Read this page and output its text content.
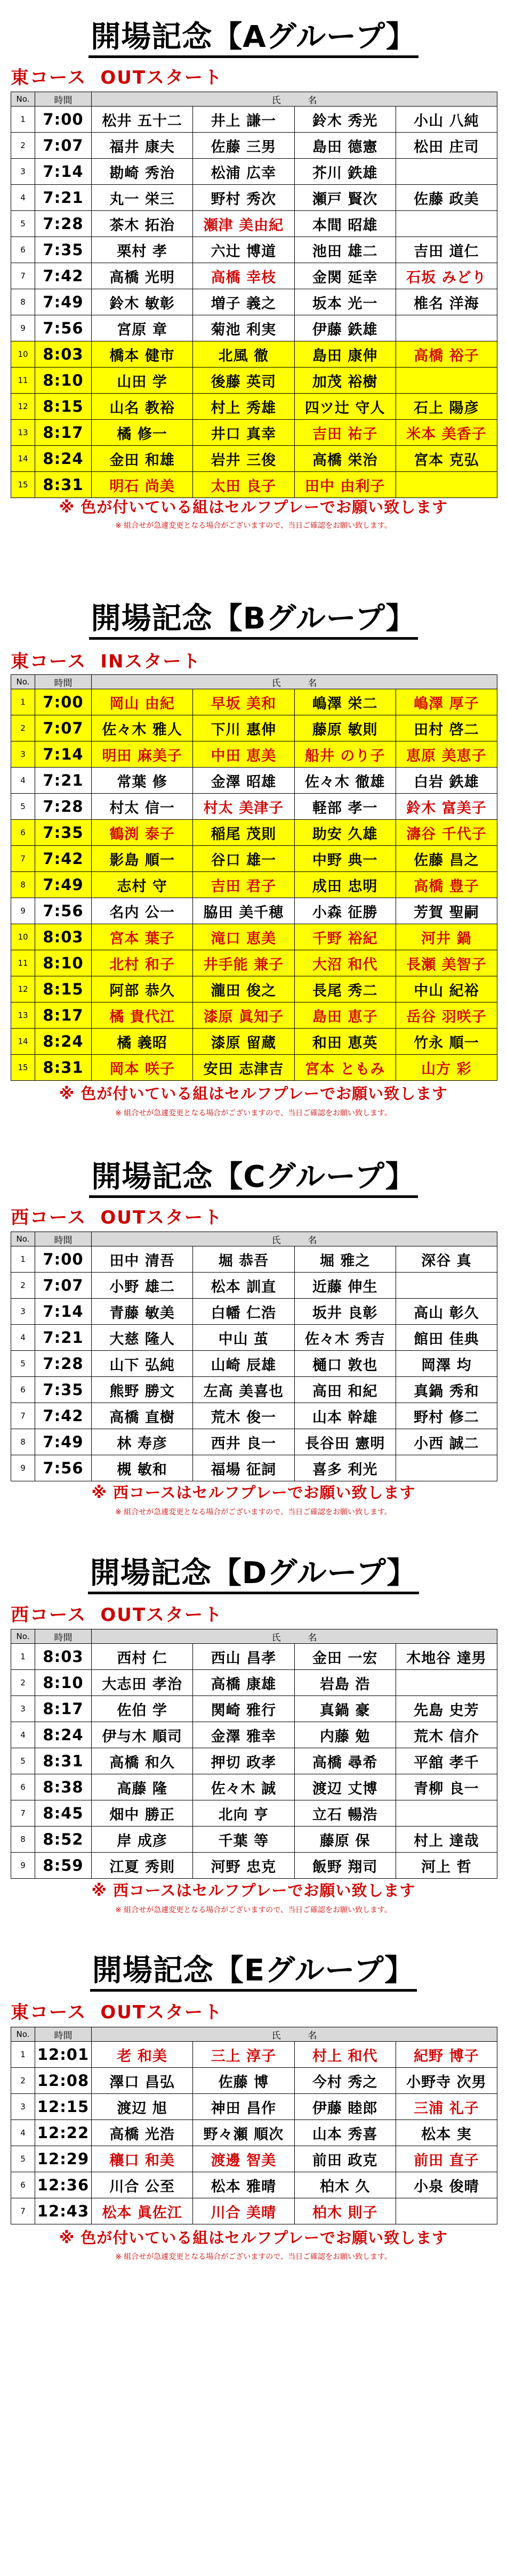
開場記念【Aグループ】
東コース OUTスタート
No.	時間	氏　　　名			
1	7:00	松井 五十二	井上 謙一	鈴木 秀光	小山 八純
2	7:07	福井 康夫	佐藤 三男	島田 德憲	松田 庄司
3	7:14	勘崎 秀治	松浦 広幸	芥川 鉄雄	
4	7:21	丸一 栄三	野村 秀次	瀬戸 賢次	佐藤 政美
5	7:28	茶木 拓治	瀬津 美由紀	本間 昭雄	
6	7:35	栗村 孝	六辻 博道	池田 雄二	吉田 道仁
7	7:42	高橋 光明	高橋 幸枝	金関 延幸	石坂 みどり
8	7:49	鈴木 敏彰	増子 義之	坂本 光一	椎名 洋海
9	7:56	宮原 章	菊池 利実	伊藤 鉄雄	
10	8:03	橋本 健市	北風 徹	島田 康伸	高橋 裕子
11	8:10	山田 学	後藤 英司	加茂 裕樹	
12	8:15	山名 教裕	村上 秀雄	四ツ辻 守人	石上 陽彦
13	8:17	橘 修一	井口 真幸	吉田 祐子	米本 美香子
14	8:24	金田 和雄	岩井 三俊	高橋 栄治	宮本 克弘
15	8:31	明石 尚美	太田 良子	田中 由利子	
※ 色が付いている組はセルフプレーでお願い致します
※ 組合せが急遽変更となる場合がございますので、当日ご確認をお願い致します。
開場記念【Bグループ】
東コース INスタート
No.	時間	氏　　　名			
1	7:00	岡山 由紀	早坂 美和	嶋澤 栄二	嶋澤 厚子
2	7:07	佐々木 雅人	下川 惠伸	藤原 敏則	田村 啓二
3	7:14	明田 麻美子	中田 恵美	船井 のり子	恵原 美恵子
4	7:21	常葉 修	金澤 昭雄	佐々木 徹雄	白岩 鉄雄
5	7:28	村太 信一	村太 美津子	軽部 孝一	鈴木 富美子
6	7:35	鶴渕 泰子	稲尾 茂則	助安 久雄	濤谷 千代子
7	7:42	影島 順一	谷口 雄一	中野 典一	佐藤 昌之
8	7:49	志村 守	吉田 君子	成田 忠明	高橋 豊子
9	7:56	名内 公一	脇田 美千穂	小森 征勝	芳賀 聖嗣
10	8:03	宮本 葉子	滝口 恵美	千野 裕紀	河井 鍋
11	8:10	北村 和子	井手能 兼子	大沼 和代	長瀬 美智子
12	8:15	阿部 恭久	瀧田 俊之	長尾 秀二	中山 紀裕
13	8:17	橘 貴代江	漆原 眞知子	島田 恵子	岳谷 羽咲子
14	8:24	橘 義昭	漆原 留蔵	和田 恵英	竹永 順一
15	8:31	岡本 咲子	安田 志津吉	宮本 ともみ	山方 彩
※ 色が付いている組はセルフプレーでお願い致します
※ 組合せが急遽変更となる場合がございますので、当日ご確認をお願い致します。
開場記念【Cグループ】
西コース OUTスタート
No.	時間	氏　　　名			
1	7:00	田中 清吾	堀 恭吾	堀 雅之	深谷 真
2	7:07	小野 雄二	松本 訓直	近藤 伸生	
3	7:14	青藤 敏美	白幡 仁浩	坂井 良彰	高山 彰久
4	7:21	大慈 隆人	中山 茧	佐々木 秀吉	館田 佳典
5	7:28	山下 弘純	山崎 辰雄	樋口 敦也	岡澤 均
6	7:35	熊野 勝文	左高 美喜也	高田 和紀	真鍋 秀和
7	7:42	高橋 直樹	荒木 俊一	山本 幹雄	野村 修二
8	7:49	林 寿彦	西井 良一	長谷田 憲明	小西 誠二
9	7:56	槻 敏和	福場 征詞	喜多 利光	
※ 西コースはセルフプレーでお願い致します
※ 組合せが急遽変更となる場合がございますので、当日ご確認をお願い致します。
開場記念【Dグループ】
西コース OUTスタート
No.	時間	氏　　　名			
1	8:03	西村 仁	西山 昌孝	金田 一宏	木地谷 達男
2	8:10	大志田 孝治	高橋 康雄	岩島 浩	
3	8:17	佐伯 学	関崎 雅行	真鍋 豪	先島 史芳
4	8:24	伊与木 順司	金澤 雅幸	内藤 勉	荒木 信介
5	8:31	高橋 和久	押切 政孝	高橋 尋希	平舘 孝千
6	8:38	高藤 隆	佐々木 誠	渡辺 丈博	青柳 良一
7	8:45	畑中 勝正	北向 亨	立石 暢浩	
8	8:52	岸 成彦	千葉 等	藤原 保	村上 達哉
9	8:59	江夏 秀則	河野 忠克	飯野 翔司	河上 哲
※ 西コースはセルフプレーでお願い致します
※ 組合せが急遽変更となる場合がございますので、当日ご確認をお願い致します。
開場記念【Eグループ】
東コース OUTスタート
No.	時間	氏　　　名			
1	12:01	老 和美	三上 淳子	村上 和代	紀野 博子
2	12:08	澤口 昌弘	佐藤 博	今村 秀之	小野寺 次男
3	12:15	渡辺 旭	神田 昌作	伊藤 睦郎	三浦 礼子
4	12:22	高橋 光浩	野々瀬 順次	山本 秀喜	松本 実
5	12:29	穰口 和美	渡邊 智美	前田 政克	前田 直子
6	12:36	川合 公至	松本 雅晴	柏木 久	小泉 俊晴
7	12:43	松本 眞佐江	川合 美晴	柏木 則子	
※ 色が付いている組はセルフプレーでお願い致します
※ 組合せが急遽変更となる場合がございますので、当日ご確認をお願い致します。
